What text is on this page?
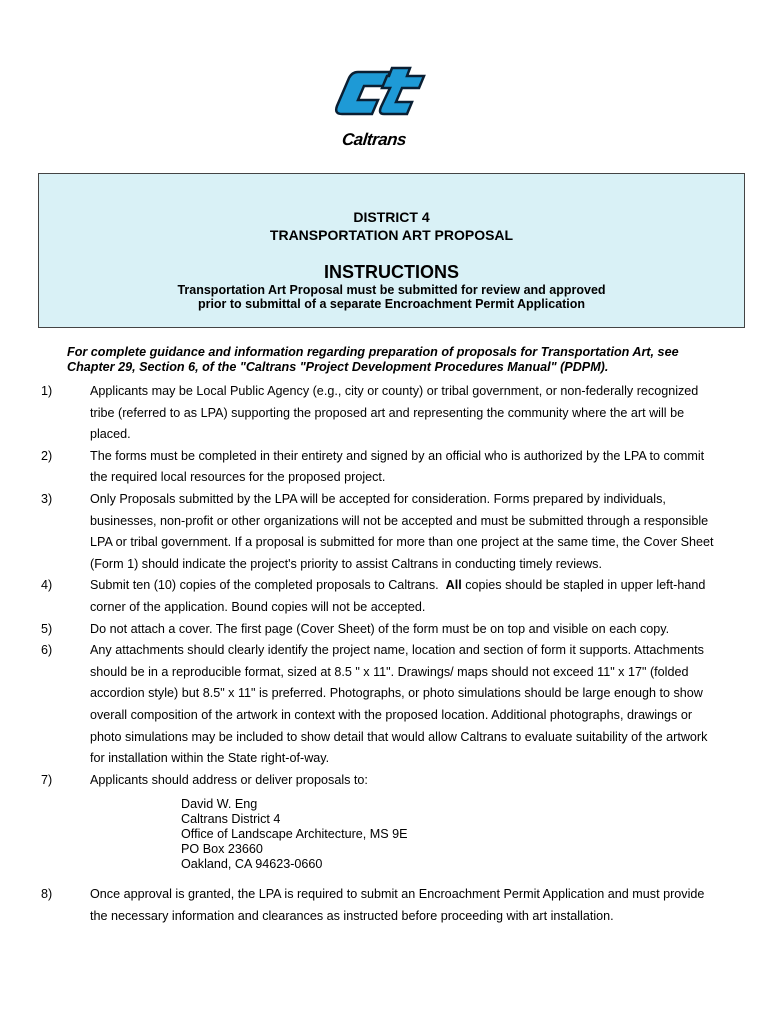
Caltrans
DISTRICT 4
TRANSPORTATION ART PROPOSAL
INSTRUCTIONS
Transportation Art Proposal must be submitted for review and approved
prior to submittal of a separate Encroachment Permit Application
For complete guidance and information regarding preparation of proposals for Transportation Art, see
Chapter 29, Section 6, of the "Caltrans "Project Development Procedures Manual" (PDPM).
1)	Applicants may be Local Public Agency (e.g., city or county) or tribal government, or non-federally recognized
tribe (referred to as LPA) supporting the proposed art and representing the community where the art will be
placed.
2)	The forms must be completed in their entirety and signed by an official who is authorized by the LPA to commit
the required local resources for the proposed project.
3)	Only Proposals submitted by the LPA will be accepted for consideration. Forms prepared by individuals,
businesses, non-profit or other organizations will not be accepted and must be submitted through a responsible
LPA or tribal government. If a proposal is submitted for more than one project at the same time, the Cover Sheet
(Form 1) should indicate the project's priority to assist Caltrans in conducting timely reviews.
4)	Submit ten (10) copies of the completed proposals to Caltrans.  All copies should be stapled in upper left-hand
corner of the application. Bound copies will not be accepted.
5)	Do not attach a cover. The first page (Cover Sheet) of the form must be on top and visible on each copy.
6)	Any attachments should clearly identify the project name, location and section of form it supports. Attachments
should be in a reproducible format, sized at 8.5 " x 11". Drawings/ maps should not exceed 11" x 17" (folded
accordion style) but 8.5" x 11" is preferred. Photographs, or photo simulations should be large enough to show
overall composition of the artwork in context with the proposed location. Additional photographs, drawings or
photo simulations may be included to show detail that would allow Caltrans to evaluate suitability of the artwork
for installation within the State right-of-way.
7)	Applicants should address or deliver proposals to:
David W. Eng
Caltrans District 4
Office of Landscape Architecture, MS 9E
PO Box 23660
Oakland, CA 94623-0660
8)	Once approval is granted, the LPA is required to submit an Encroachment Permit Application and must provide
the necessary information and clearances as instructed before proceeding with art installation.
